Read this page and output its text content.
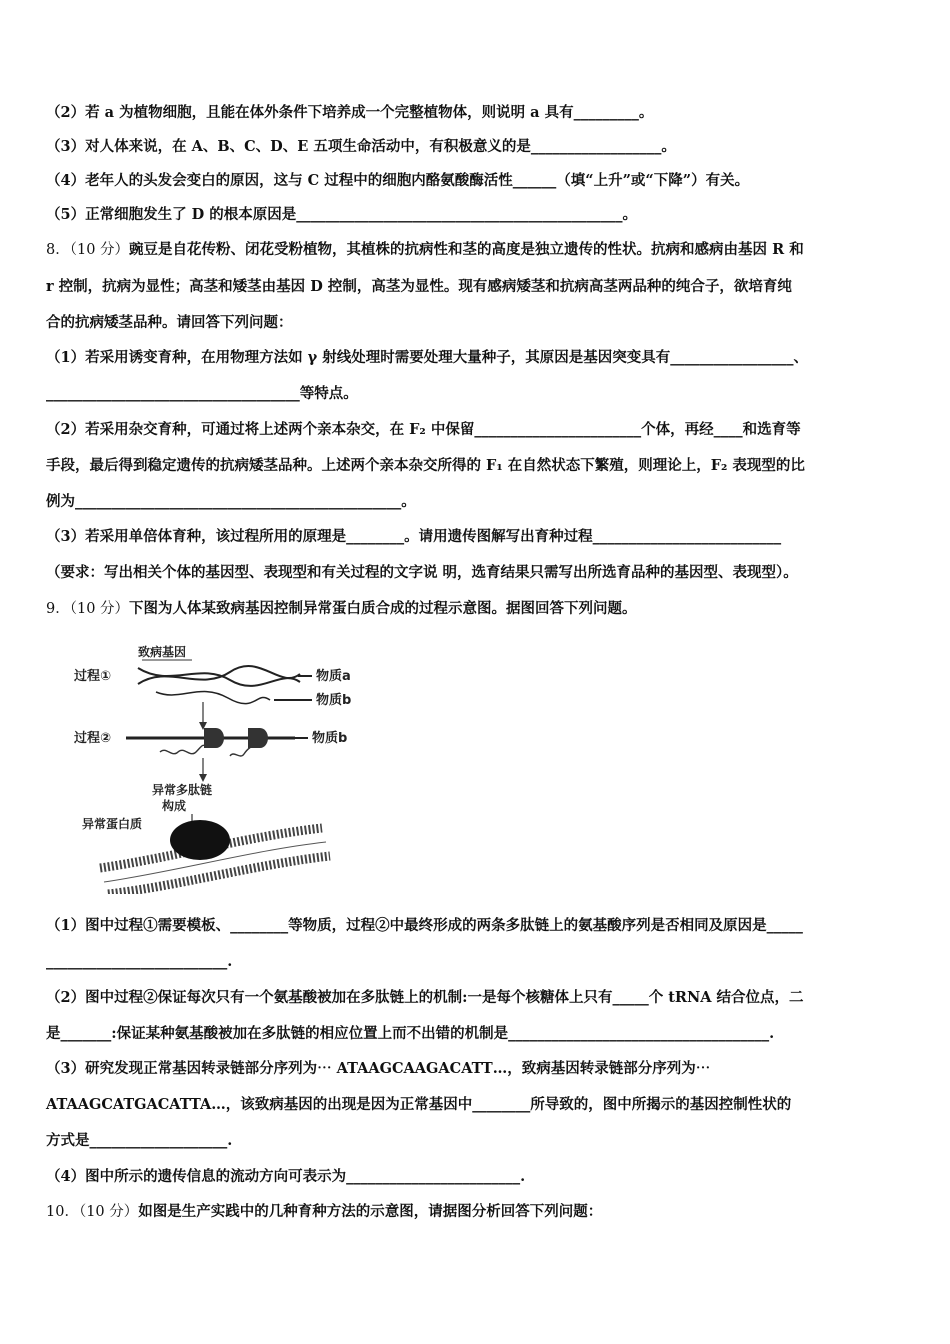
（2）若 a 为植物细胞，且能在体外条件下培养成一个完整植物体，则说明 a 具有_________。
（3）对人体来说，在 A、B、C、D、E 五项生命活动中，有积极意义的是__________________。
（4）老年人的头发会变白的原因，这与 C 过程中的细胞内酪氨酸酶活性______（填“上升”或“下降”）有关。
（5）正常细胞发生了 D 的根本原因是_____________________________________________。
8．（10 分）豌豆是自花传粉、闭花受粉植物，其植株的抗病性和茎的高度是独立遗传的性状。抗病和感病由基因 R 和
r 控制，抗病为显性；高茎和矮茎由基因 D 控制，高茎为显性。现有感病矮茎和抗病高茎两品种的纯合子，欲培育纯
合的抗病矮茎品种。请回答下列问题：
（1）若采用诱变育种，在用物理方法如 γ 射线处理时需要处理大量种子，其原因是基因突变具有_________________、
___________________________________等特点。
（2）若采用杂交育种，可通过将上述两个亲本杂交，在 F₂ 中保留_______________________个体，再经____和选育等
手段，最后得到稳定遗传的抗病矮茎品种。上述两个亲本杂交所得的 F₁ 在自然状态下繁殖，则理论上，F₂ 表现型的比
例为_____________________________________________。
（3）若采用单倍体育种，该过程所用的原理是________。请用遗传图解写出育种过程__________________________
（要求：写出相关个体的基因型、表现型和有关过程的文字说 明，选育结果只需写出所选育品种的基因型、表现型）。
9．（10 分）下图为人体某致病基因控制异常蛋白质合成的过程示意图。据图回答下列问题。
致病基因
过程①	物质a
物质b
过程②	物质b
异常多肽链
构成
异常蛋白质
（1）图中过程①需要模板、________等物质，过程②中最终形成的两条多肽链上的氨基酸序列是否相同及原因是_____
_________________________.
（2）图中过程②保证每次只有一个氨基酸被加在多肽链上的机制:一是每个核糖体上只有_____个 tRNA 结合位点，二
是_______:保证某种氨基酸被加在多肽链的相应位置上而不出错的机制是____________________________________.
（3）研究发现正常基因转录链部分序列为⋯ ATAAGCAAGACATT…，致病基因转录链部分序列为⋯
ATAAGCATGACATTA…，该致病基因的出现是因为正常基因中________所导致的，图中所揭示的基因控制性状的
方式是___________________.
（4）图中所示的遗传信息的流动方向可表示为________________________.
10．（10 分）如图是生产实践中的几种育种方法的示意图，请据图分析回答下列问题：
